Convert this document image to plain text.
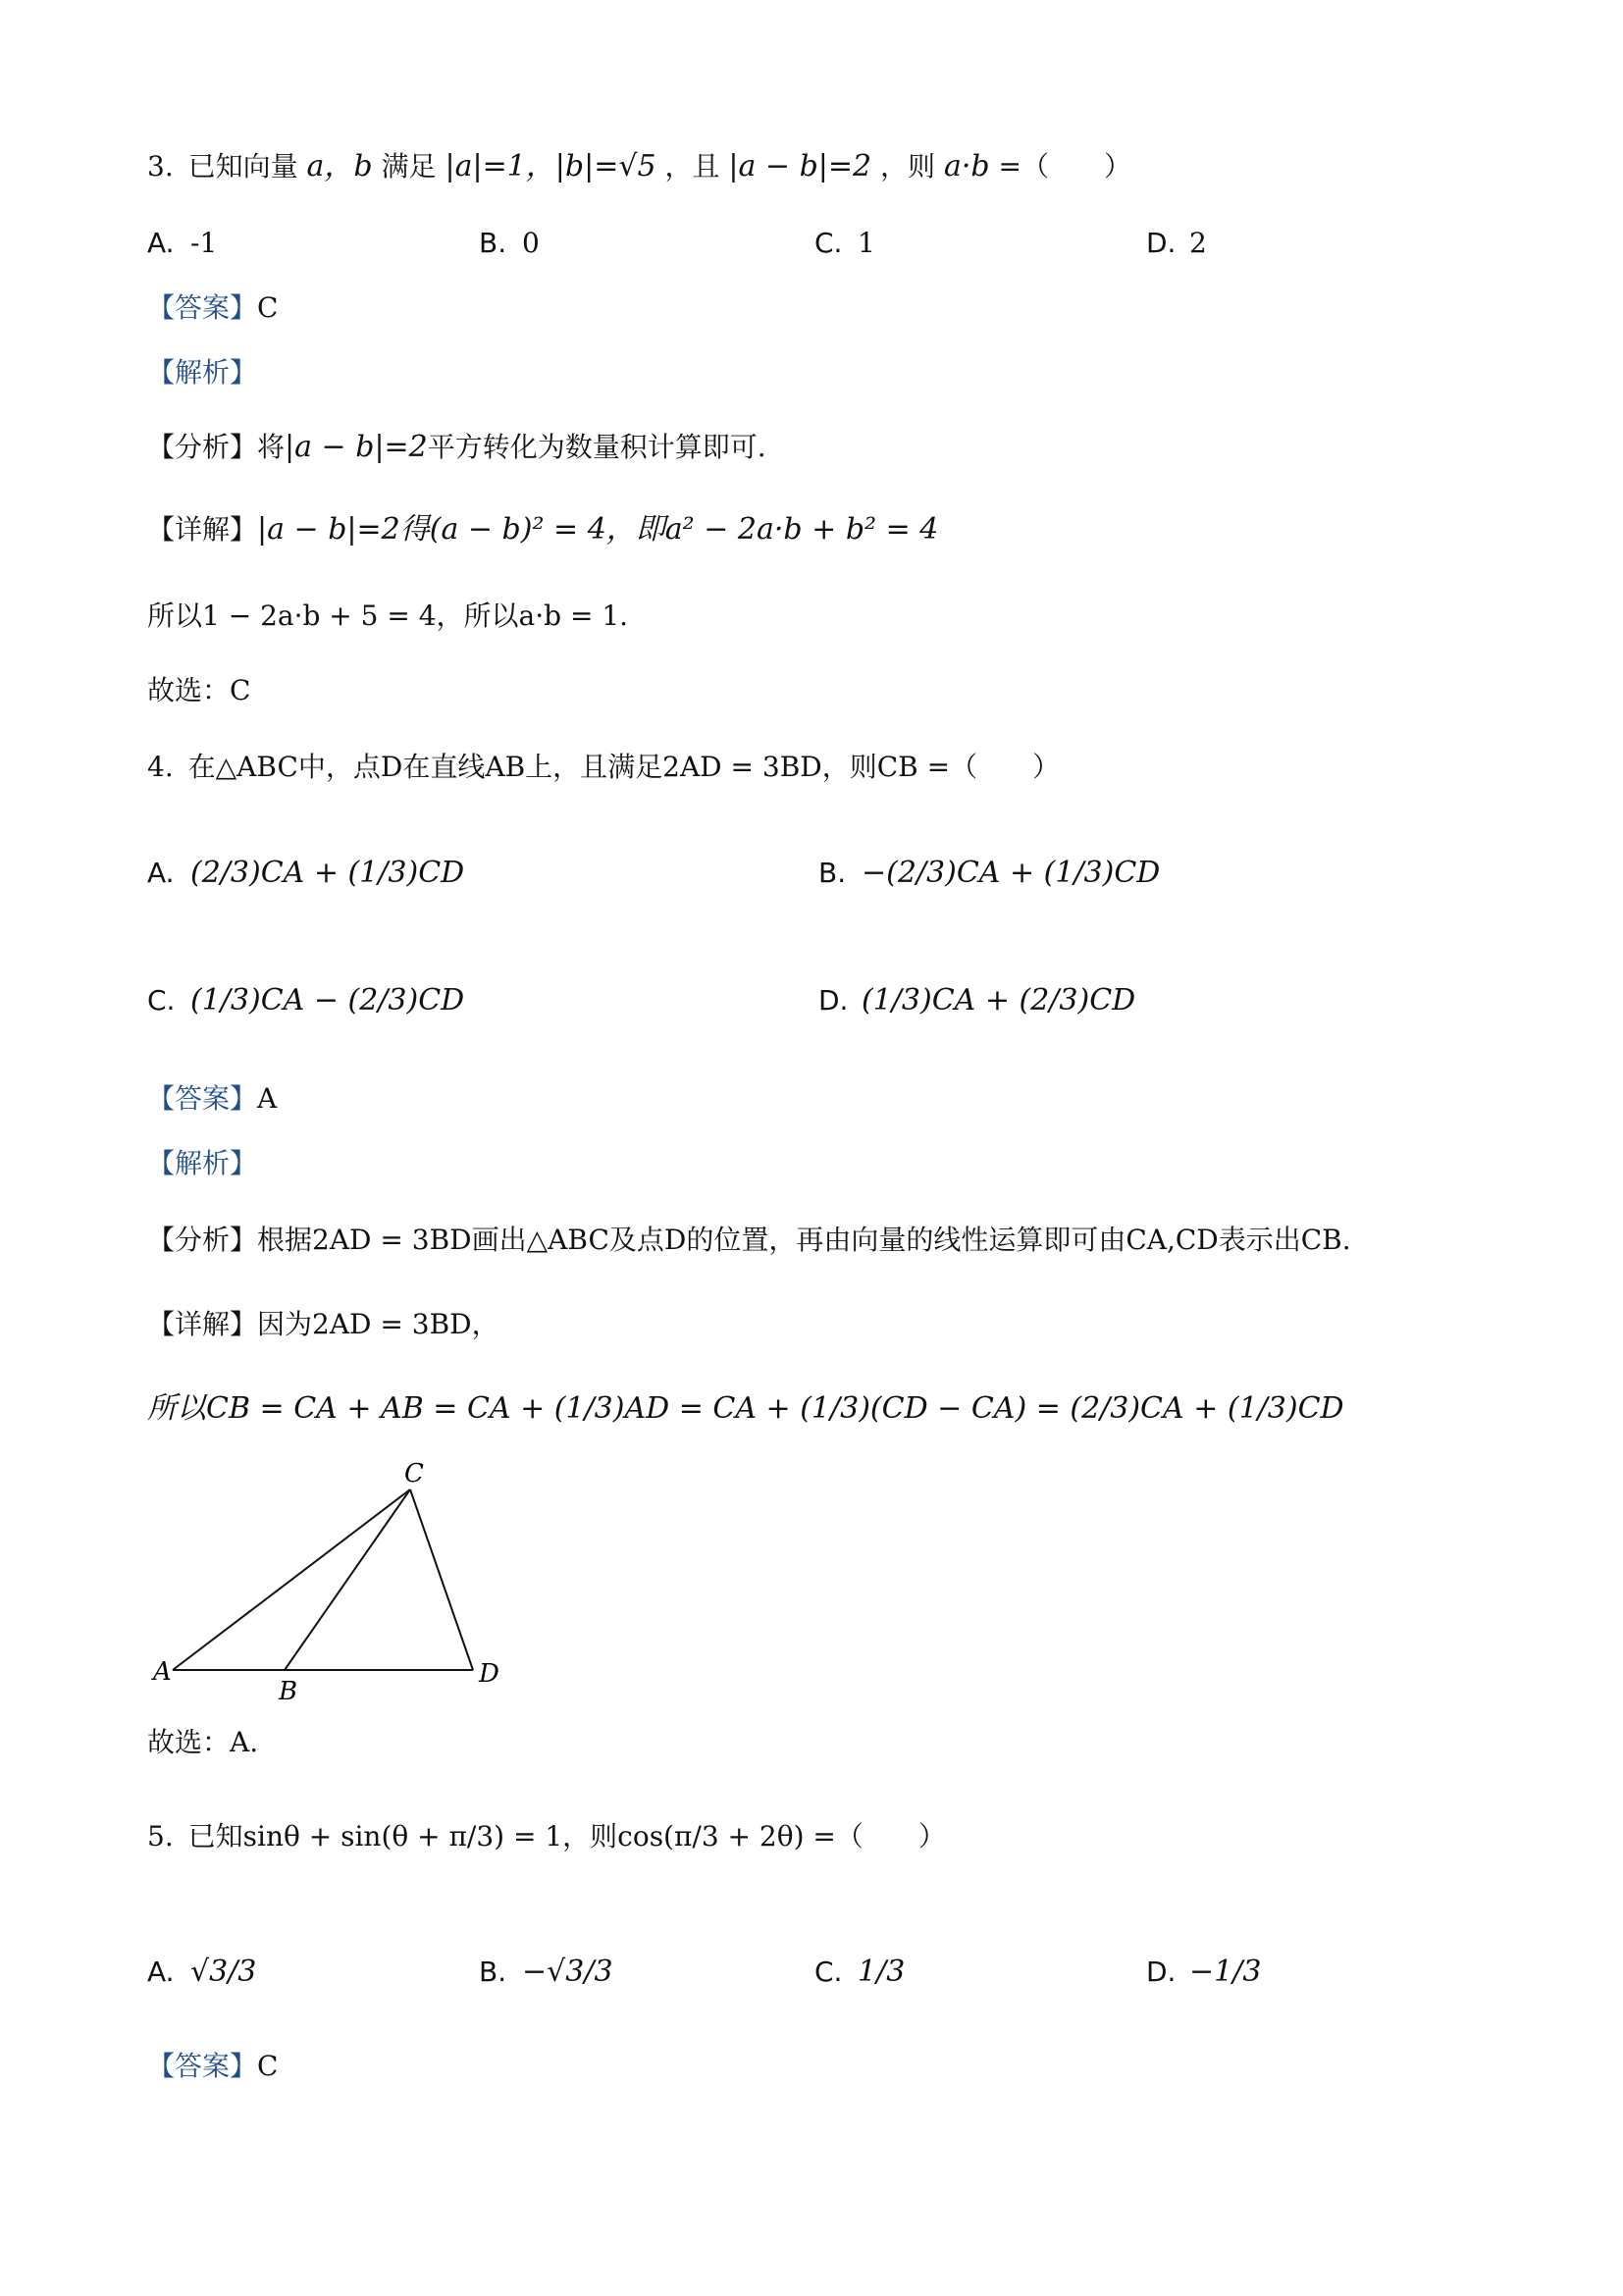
3. 已知向量 a，b 满足 |a|=1，|b|=√5 ，且 |a − b|=2 ，则 a·b =（　　）
A. -1	B. 0	C. 1	D. 2
【答案】C
【解析】
【分析】将|a − b|=2平方转化为数量积计算即可.
【详解】|a − b|=2得(a − b)² = 4，即a² − 2a·b + b² = 4
所以1 − 2a·b + 5 = 4，所以a·b = 1.
故选：C
4. 在△ABC中，点D在直线AB上，且满足2AD = 3BD，则CB =（　　）
A. (2/3)CA + (1/3)CD	B. −(2/3)CA + (1/3)CD
C. (1/3)CA − (2/3)CD	D. (1/3)CA + (2/3)CD
【答案】A
【解析】
【分析】根据2AD = 3BD画出△ABC及点D的位置，再由向量的线性运算即可由CA,CD表示出CB.
【详解】因为2AD = 3BD，
所以CB = CA + AB = CA + (1/3)AD = CA + (1/3)(CD − CA) = (2/3)CA + (1/3)CD
A
B
C
D
故选：A.
5. 已知sinθ + sin(θ + π/3) = 1，则cos(π/3 + 2θ) =（　　）
A. √3/3	B. −√3/3	C. 1/3	D. −1/3
【答案】C
